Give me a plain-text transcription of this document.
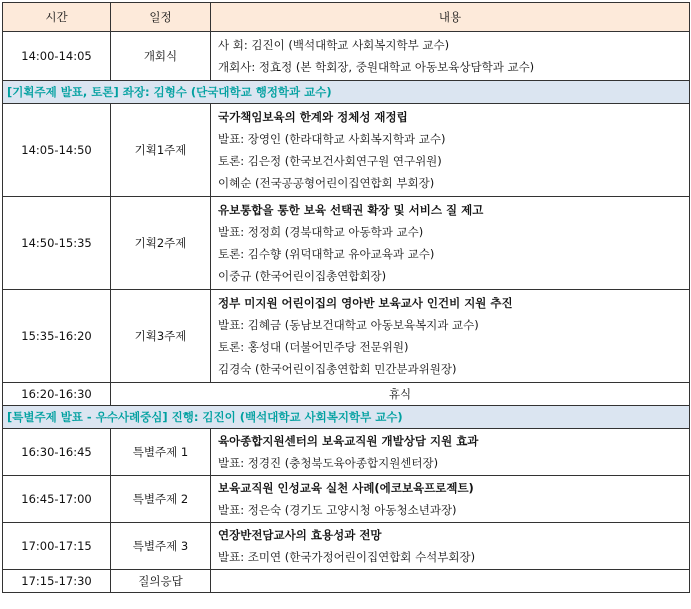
시간	일정	내용
14:00-14:05	개회식	사 회: 김진이 (백석대학교 사회복지학부 교수)
개회사: 정효정 (본 학회장, 중원대학교 아동보육상담학과 교수)

[기획주제 발표, 토론] 좌장: 김형수 (단국대학교 행정학과 교수)		
14:05-14:50	기획1주제	국가책임보육의 한계와 정체성 재정립
발표: 장영인 (한라대학교 사회복지학과 교수)
토론: 김은정 (한국보건사회연구원 연구위원)
이혜순 (전국공공형어린이집연합회 부회장)

14:50-15:35	기획2주제	유보통합을 통한 보육 선택권 확장 및 서비스 질 제고
발표: 정정희 (경북대학교 아동학과 교수)
토론: 김수향 (위덕대학교 유아교육과 교수)
이중규 (한국어린이집총연합회장)

15:35-16:20	기획3주제	정부 미지원 어린이집의 영아반 보육교사 인건비 지원 추진
발표: 김혜금 (동남보건대학교 아동보육복지과 교수)
토론: 홍성대 (더불어민주당 전문위원)
김경숙 (한국어린이집총연합회 민간분과위원장)

16:20-16:30	휴식	
[특별주제 발표 - 우수사례중심] 진행: 김진이 (백석대학교 사회복지학부 교수)		
16:30-16:45	특별주제 1	육아종합지원센터의 보육교직원 개발상담 지원 효과
발표: 정경진 (충청북도육아종합지원센터장)

16:45-17:00	특별주제 2	보육교직원 인성교육 실천 사례(에코보육프로젝트)
발표: 정은숙 (경기도 고양시청 아동청소년과장)

17:00-17:15	특별주제 3	연장반전담교사의 효용성과 전망
발표: 조미연 (한국가정어린이집연합회 수석부회장)

17:15-17:30	질의응답	
